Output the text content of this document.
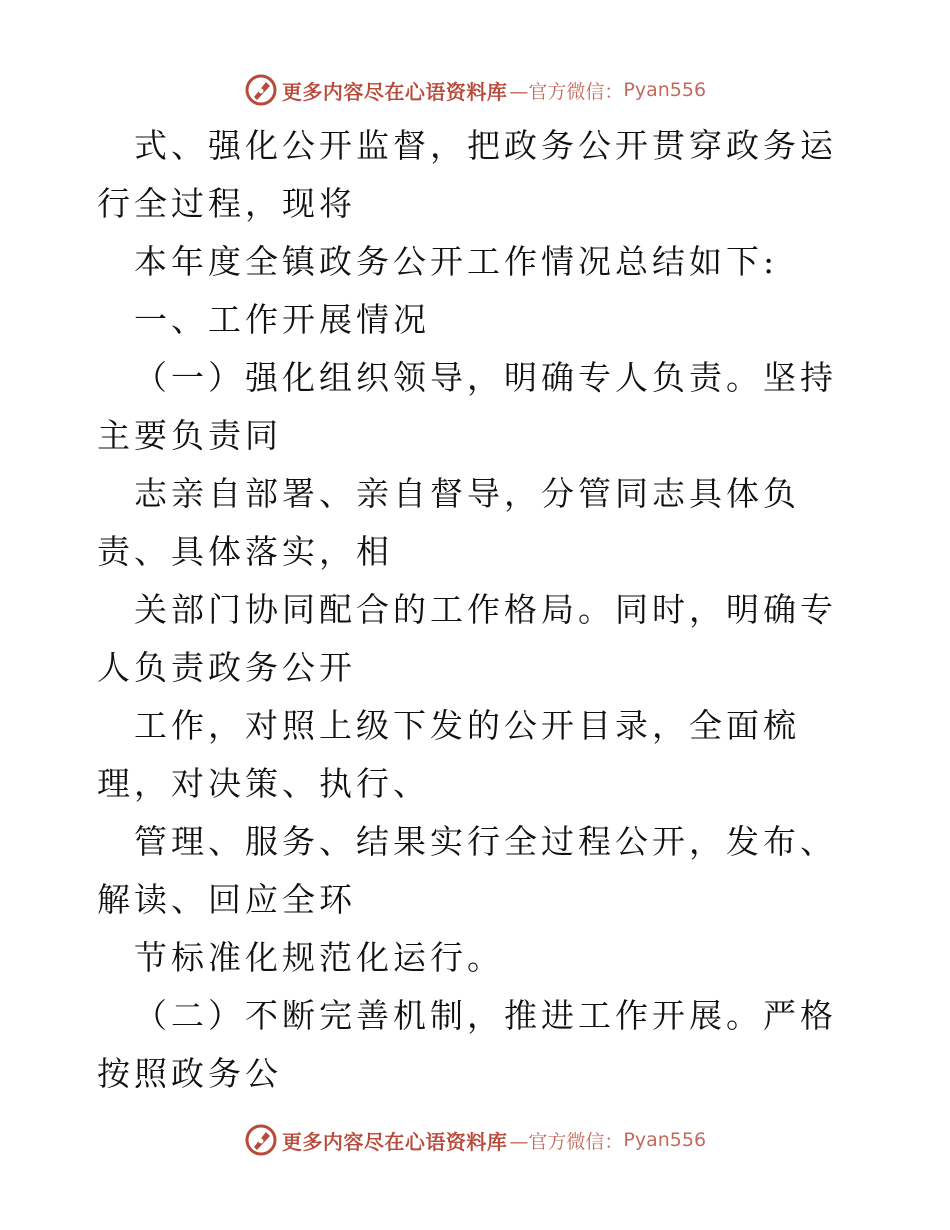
更多内容尽在心语资料库 —官方微信： Pyan556

式、强化公开监督，把政务公开贯穿政务运行全过程，现将

本年度全镇政务公开工作情况总结如下:

一、工作开展情况

（一）强化组织领导，明确专人负责。坚持主要负责同

志亲自部署、亲自督导，分管同志具体负责、具体落实，相

关部门协同配合的工作格局。同时，明确专人负责政务公开

工作，对照上级下发的公开目录，全面梳理，对决策、执行、

管理、服务、结果实行全过程公开，发布、解读、回应全环

节标准化规范化运行。

（二）不断完善机制，推进工作开展。严格按照政务公

更多内容尽在心语资料库 —官方微信： Pyan556
